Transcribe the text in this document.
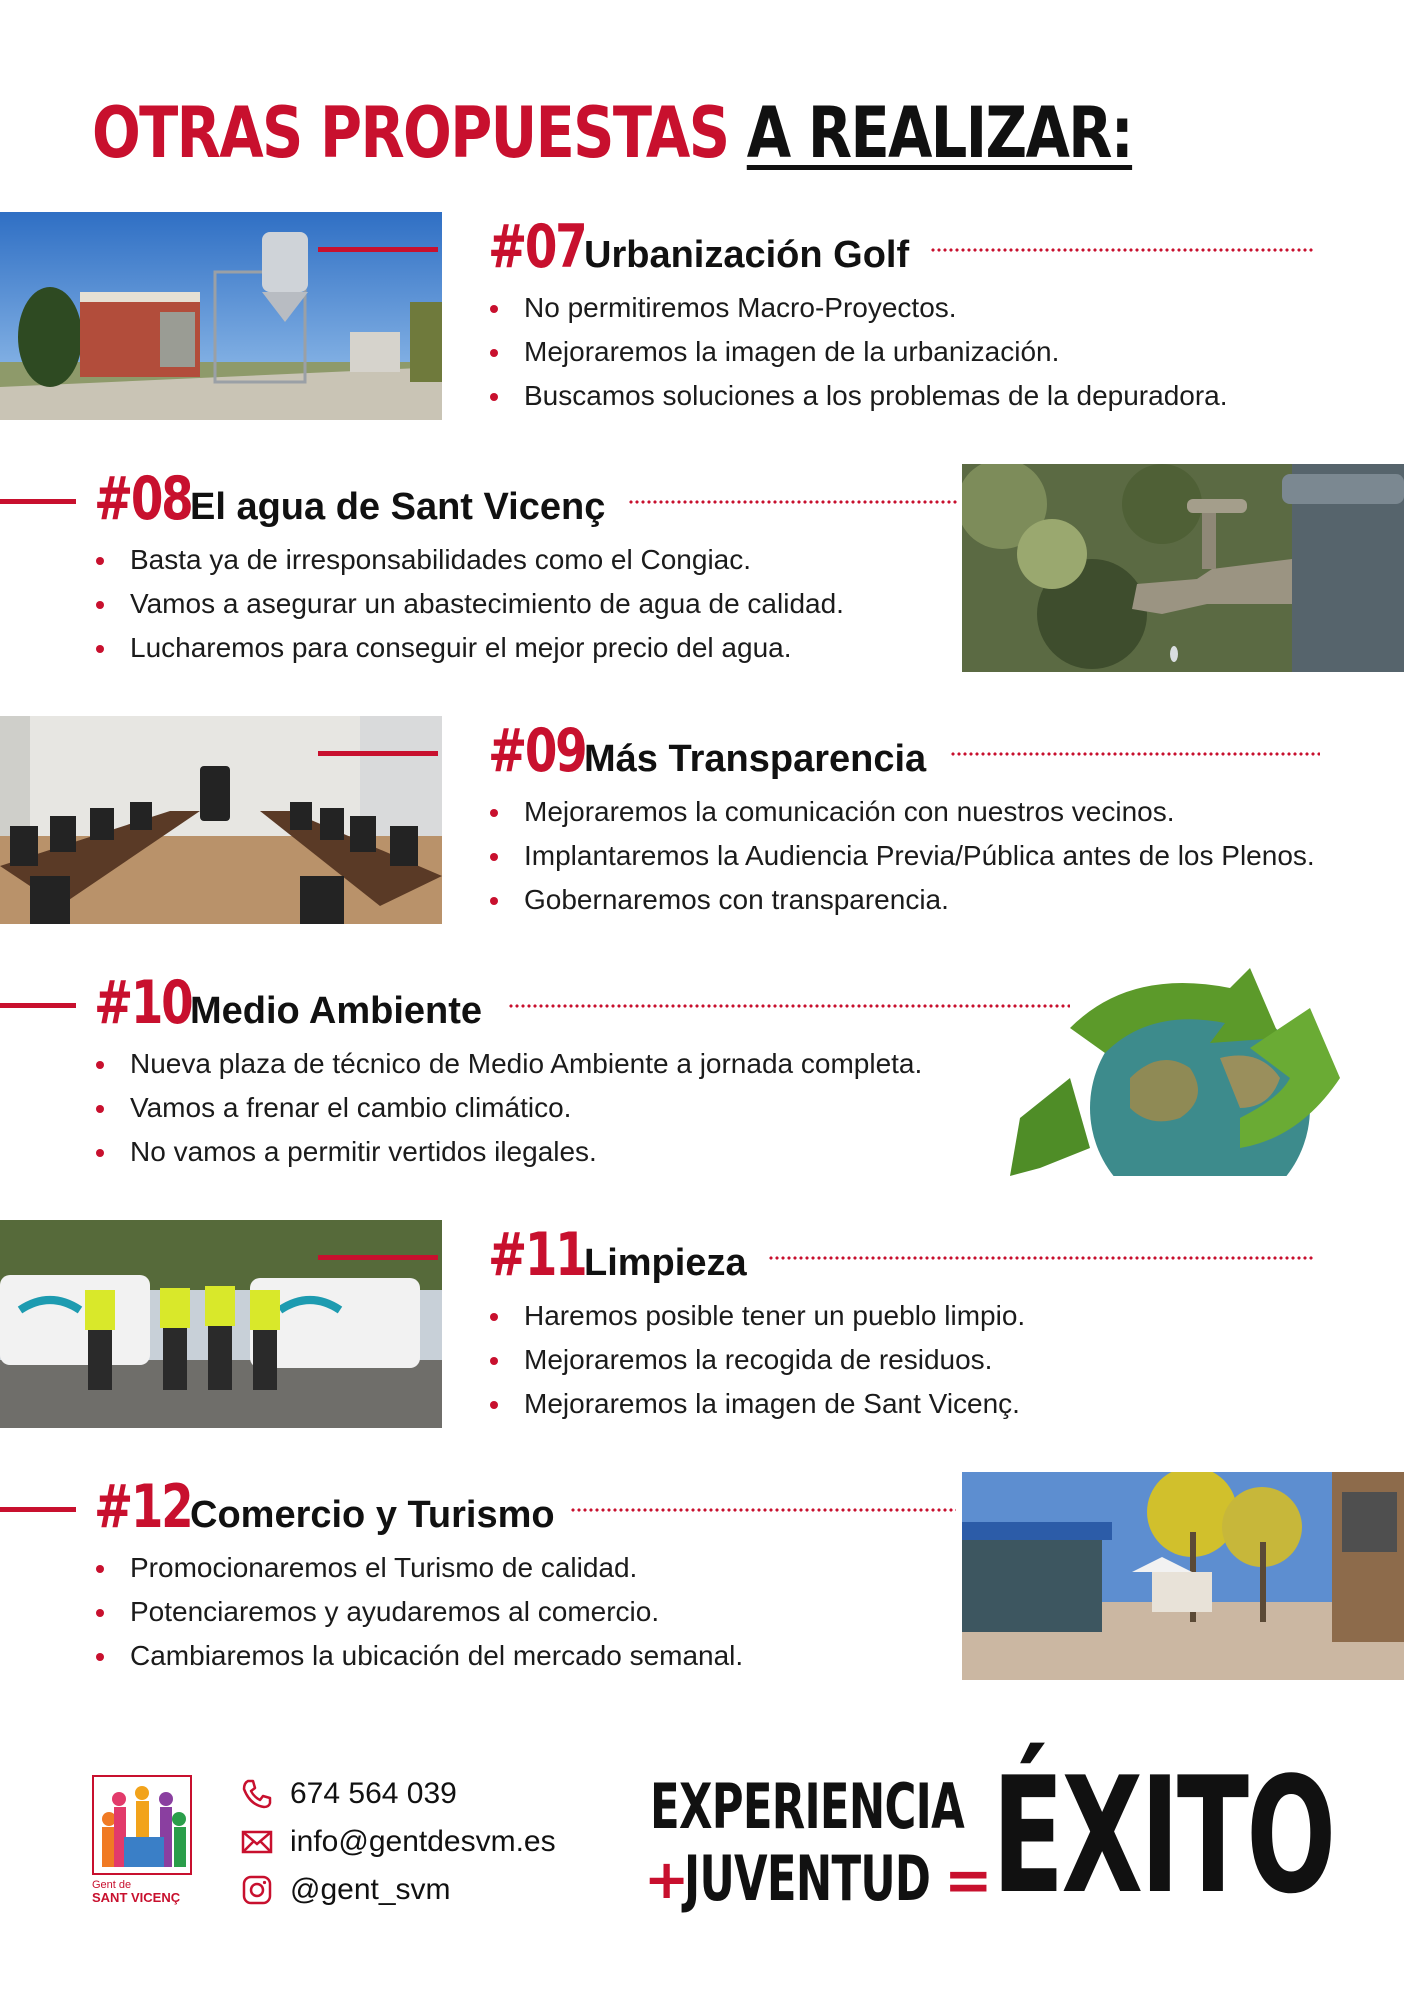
OTRAS PROPUESTAS A REALIZAR:
#07
Urbanización Golf
No permitiremos Macro-Proyectos.
Mejoraremos la imagen de la urbanización.
Buscamos soluciones a los problemas de la depuradora.
#08
El agua de Sant Vicenç
Basta ya de irresponsabilidades como el Congiac.
Vamos a asegurar un abastecimiento de agua de calidad.
Lucharemos para conseguir el mejor precio del agua.
#09
Más Transparencia
Mejoraremos la comunicación con nuestros vecinos.
Implantaremos la Audiencia Previa/Pública antes de los Plenos.
Gobernaremos con transparencia.
#10
Medio Ambiente
Nueva plaza de técnico de Medio Ambiente a jornada completa.
Vamos a frenar el cambio climático.
No vamos a permitir vertidos ilegales.
#11
Limpieza
Haremos posible tener un pueblo limpio.
Mejoraremos la recogida de residuos.
Mejoraremos la imagen de Sant Vicenç.
#12
Comercio y Turismo
Promocionaremos el Turismo de calidad.
Potenciaremos y ayudaremos al comercio.
Cambiaremos la ubicación del mercado semanal.
Gent de
SANT VICENÇ
674 564 039
info@gentdesvm.es
@gent_svm
EXPERIENCIA
+
JUVENTUD = ÉXITO
